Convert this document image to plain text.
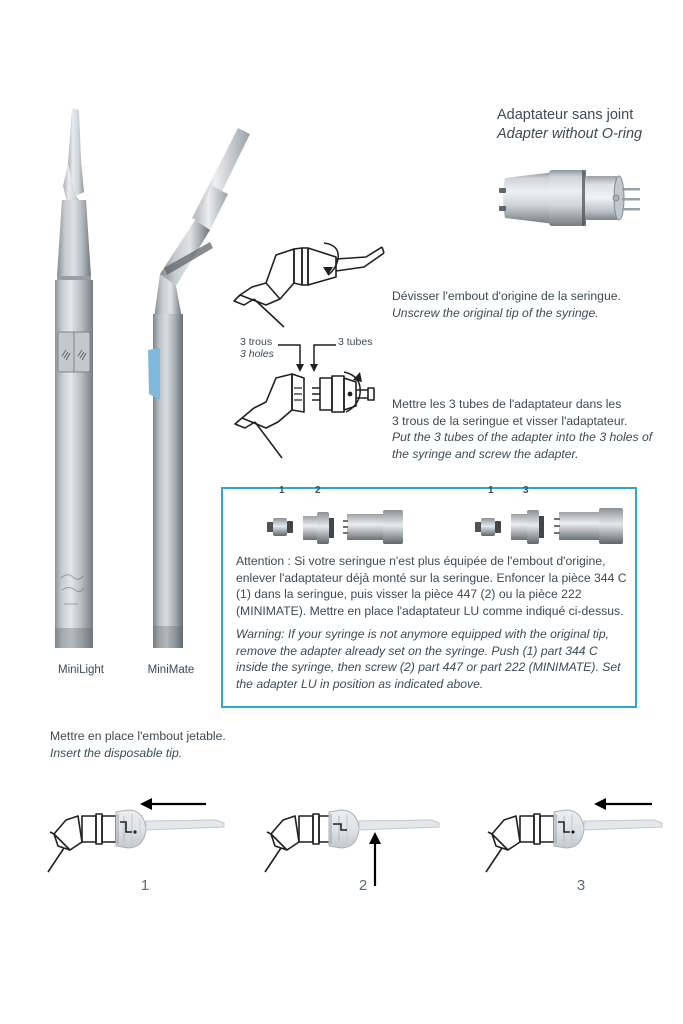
MiniLight	MiniMate
Adaptateur sans joint
Adapter without O-ring
Dévisser l'embout d'origine de la seringue.
Unscrew the original tip of the syringe.
3 trous
3 holes
3 tubes
Mettre les 3 tubes de l'adaptateur dans les
3 trous de la seringue et visser l'adaptateur.
Put the 3 tubes of the adapter into the 3 holes of
the syringe and screw the adapter.
1	2	1	3
Attention : Si votre seringue n'est plus équipée de l'embout d'origine, enlever l'adaptateur déjà monté sur la seringue. Enfoncer la pièce 344 C (1) dans la seringue, puis visser la pièce 447 (2) ou la pièce 222 (MINIMATE). Mettre en place l'adaptateur LU comme indiqué ci-dessus.
Warning: If your syringe is not anymore equipped with the original tip, remove the adapter already set on the syringe. Push (1) part 344 C inside the syringe, then screw (2) part 447 or part 222 (MINIMATE). Set the adapter LU in position as indicated above.
Mettre en place l'embout jetable.
Insert the disposable tip.
1	2	3
